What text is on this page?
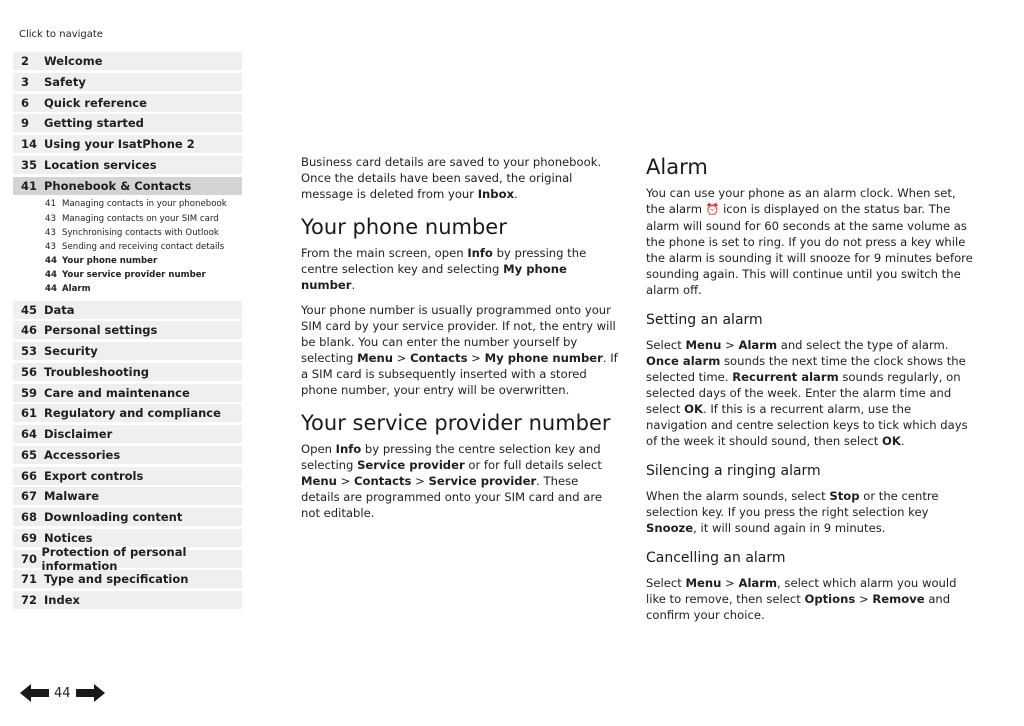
Click to navigate
2	Welcome
3	Safety
6	Quick reference
9	Getting started
14 Using your IsatPhone 2
35 Location services
41 Phonebook & Contacts
41 Managing contacts in your phonebook
43 Managing contacts on your SIM card
43 Synchronising contacts with Outlook
43 Sending and receiving contact details
44 Your phone number
44 Your service provider number
44 Alarm
45 Data
46 Personal settings
53 Security
56 Troubleshooting
59 Care and maintenance
61 Regulatory and compliance
64 Disclaimer
65 Accessories
66 Export controls
67 Malware
68 Downloading content
69 Notices
70 Protection of personal information
71 Type and specification
72 Index

Business card details are saved to your phonebook. Once the details have been saved, the original message is deleted from your Inbox.

Your phone number

From the main screen, open Info by pressing the centre selection key and selecting My phone number.

Your phone number is usually programmed onto your SIM card by your service provider. If not, the entry will be blank. You can enter the number yourself by selecting Menu > Contacts > My phone number. If a SIM card is subsequently inserted with a stored phone number, your entry will be overwritten.

Your service provider number

Open Info by pressing the centre selection key and selecting Service provider or for full details select Menu > Contacts > Service provider. These details are programmed onto your SIM card and are not editable.

Alarm

You can use your phone as an alarm clock. When set, the alarm ⏰ icon is displayed on the status bar. The alarm will sound for 60 seconds at the same volume as the phone is set to ring. If you do not press a key while the alarm is sounding it will snooze for 9 minutes before sounding again. This will continue until you switch the alarm off.

Setting an alarm

Select Menu > Alarm and select the type of alarm. Once alarm sounds the next time the clock shows the selected time. Recurrent alarm sounds regularly, on selected days of the week. Enter the alarm time and select OK. If this is a recurrent alarm, use the navigation and centre selection keys to tick which days of the week it should sound, then select OK.

Silencing a ringing alarm

When the alarm sounds, select Stop or the centre selection key. If you press the right selection key Snooze, it will sound again in 9 minutes.

Cancelling an alarm

Select Menu > Alarm, select which alarm you would like to remove, then select Options > Remove and confirm your choice.

44
